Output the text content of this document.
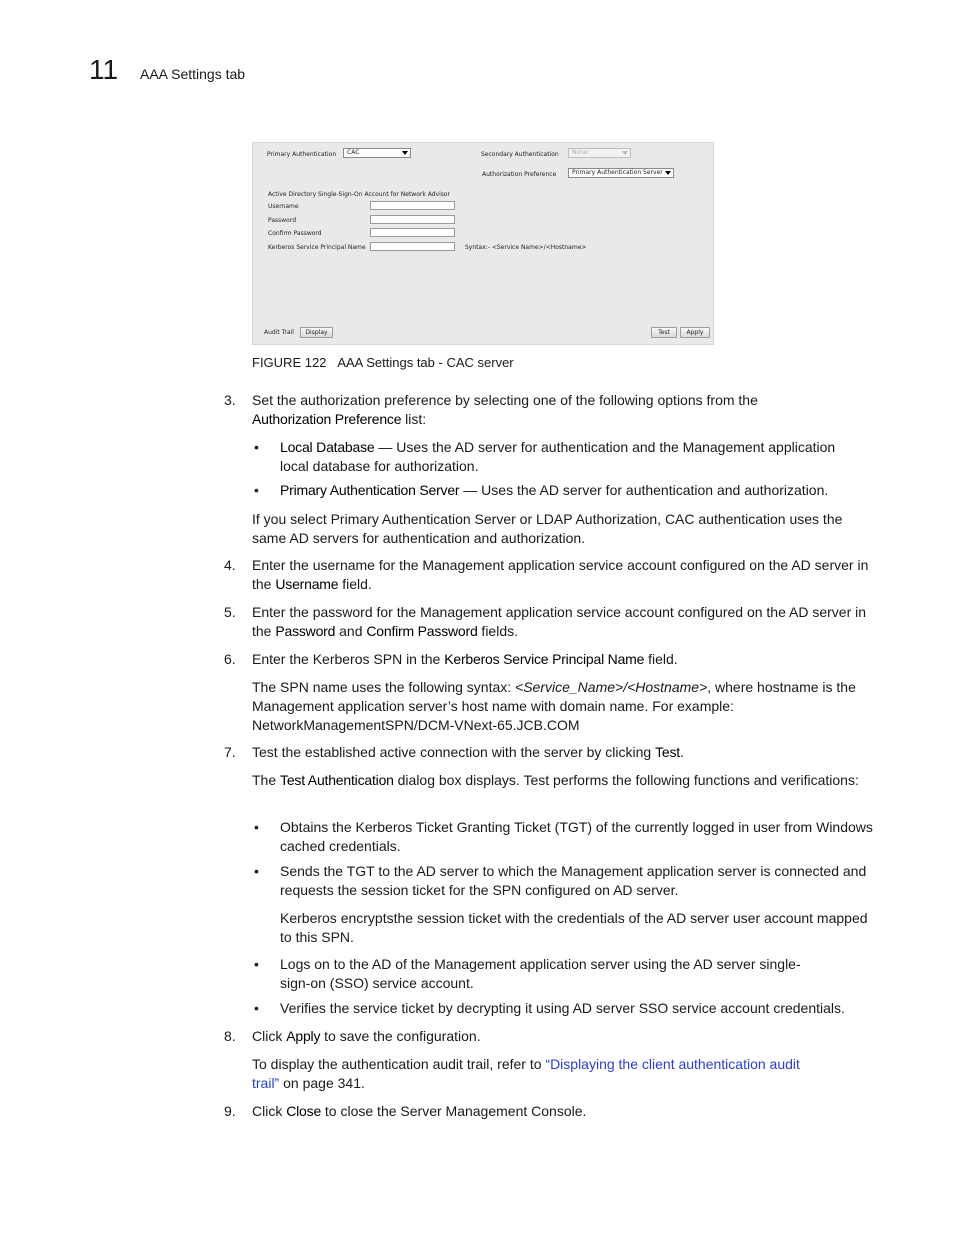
11 AAA Settings tab
Primary Authentication	CAC	Secondary Authentication	None
Authorization Preference	Primary Authentication Server
Active Directory Single-Sign-On Account for Network Advisor
Username
Password
Confirm Password
Kerberos Service Principal Name	Syntax:- <Service Name>/<Hostname>
Audit Trail	Display	Test	Apply
FIGURE 122 AAA Settings tab - CAC server
3. Set the authorization preference by selecting one of the following options from the
Authorization Preference list:

• Local Database — Uses the AD server for authentication and the Management application
local database for authorization.

• Primary Authentication Server — Uses the AD server for authentication and authorization.

If you select Primary Authentication Server or LDAP Authorization, CAC authentication uses the same AD servers for authentication and authorization.

4. Enter the username for the Management application service account configured on the AD server in the Username field.

5. Enter the password for the Management application service account configured on the AD server in the Password and Confirm Password fields.

6. Enter the Kerberos SPN in the Kerberos Service Principal Name field.

The SPN name uses the following syntax: <Service_Name>/<Hostname>, where hostname is the Management application server’s host name with domain name. For example:
NetworkManagementSPN/DCM-VNext-65.JCB.COM

7. Test the established active connection with the server by clicking Test.

The Test Authentication dialog box displays. Test performs the following functions and verifications:

• Obtains the Kerberos Ticket Granting Ticket (TGT) of the currently logged in user from Windows cached credentials.

• Sends the TGT to the AD server to which the Management application server is connected and requests the session ticket for the SPN configured on AD server.

Kerberos encryptsthe session ticket with the credentials of the AD server user account mapped to this SPN.

• Logs on to the AD of the Management application server using the AD server single-sign-on (SSO) service account.

• Verifies the service ticket by decrypting it using AD server SSO service account credentials.

8. Click Apply to save the configuration.

To display the authentication audit trail, refer to “Displaying the client authentication audit
trail” on page 341.

9. Click Close to close the Server Management Console.
